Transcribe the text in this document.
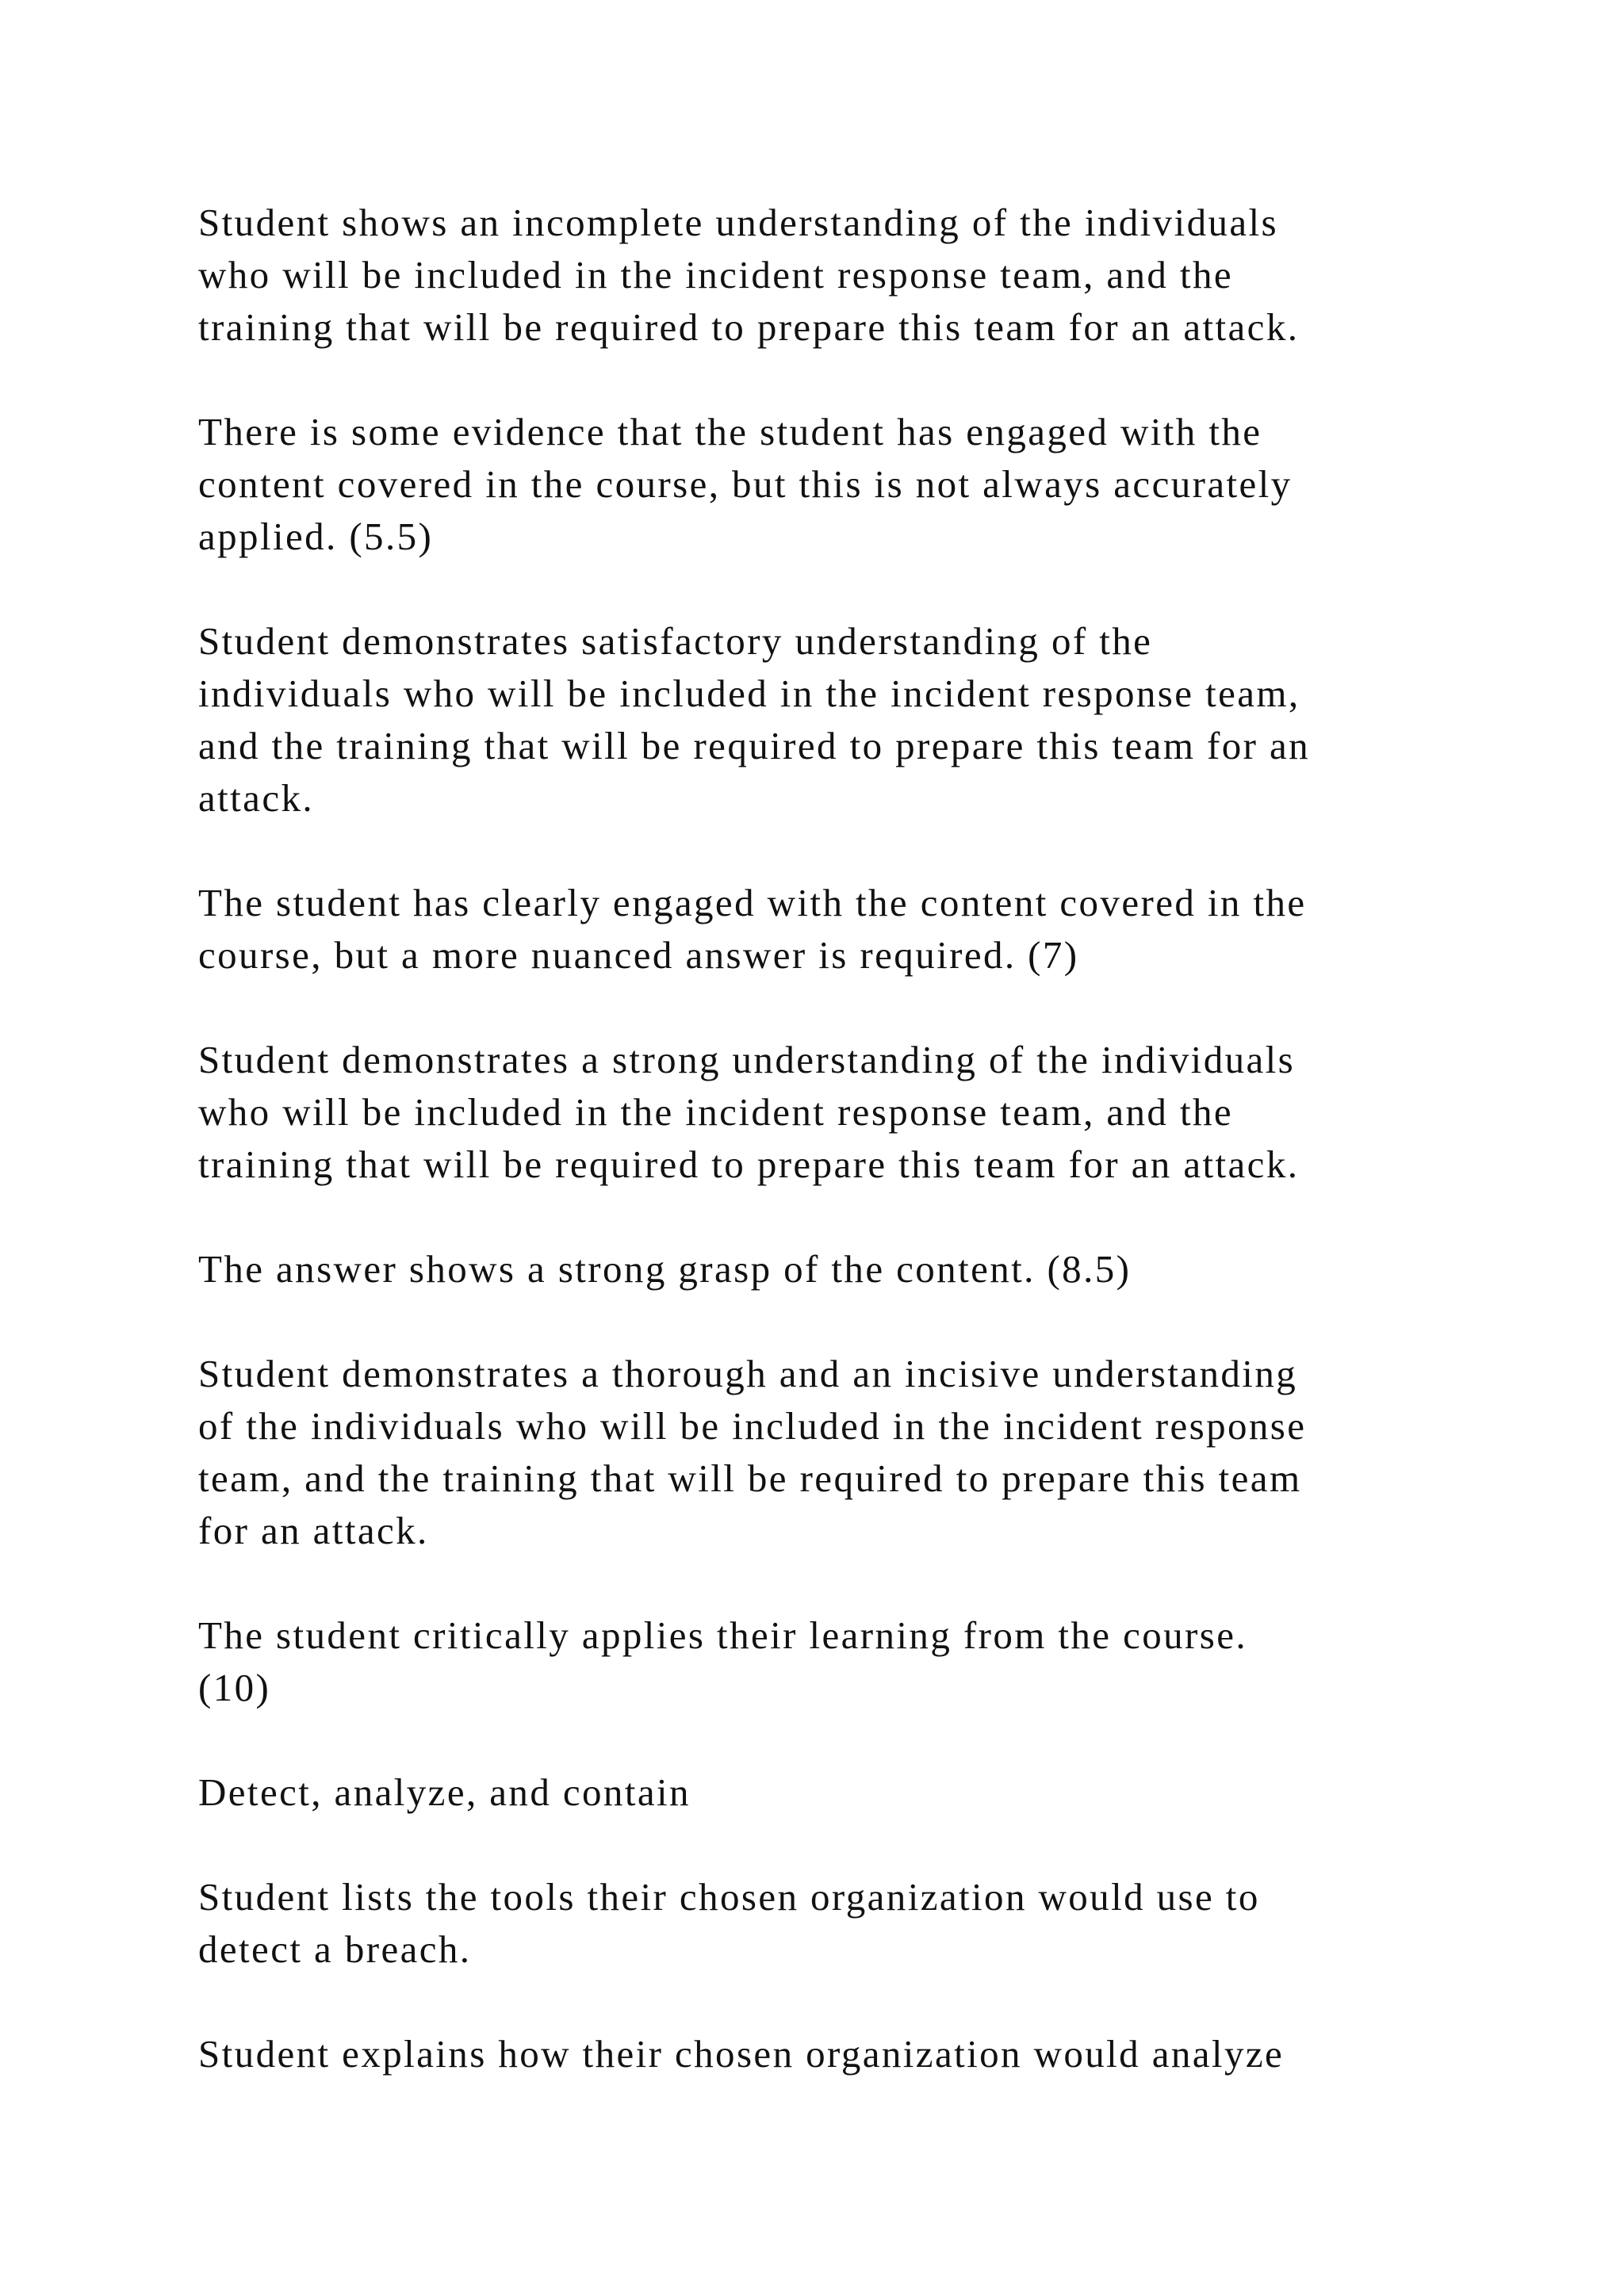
Student shows an incomplete understanding of the individuals
who will be included in the incident response team, and the
training that will be required to prepare this team for an attack.

There is some evidence that the student has engaged with the
content covered in the course, but this is not always accurately
applied. (5.5)

Student demonstrates satisfactory understanding of the
individuals who will be included in the incident response team,
and the training that will be required to prepare this team for an
attack.

The student has clearly engaged with the content covered in the
course, but a more nuanced answer is required. (7)

Student demonstrates a strong understanding of the individuals
who will be included in the incident response team, and the
training that will be required to prepare this team for an attack.

The answer shows a strong grasp of the content. (8.5)

Student demonstrates a thorough and an incisive understanding
of the individuals who will be included in the incident response
team, and the training that will be required to prepare this team
for an attack.

The student critically applies their learning from the course.
(10)

Detect, analyze, and contain

Student lists the tools their chosen organization would use to
detect a breach.

Student explains how their chosen organization would analyze
